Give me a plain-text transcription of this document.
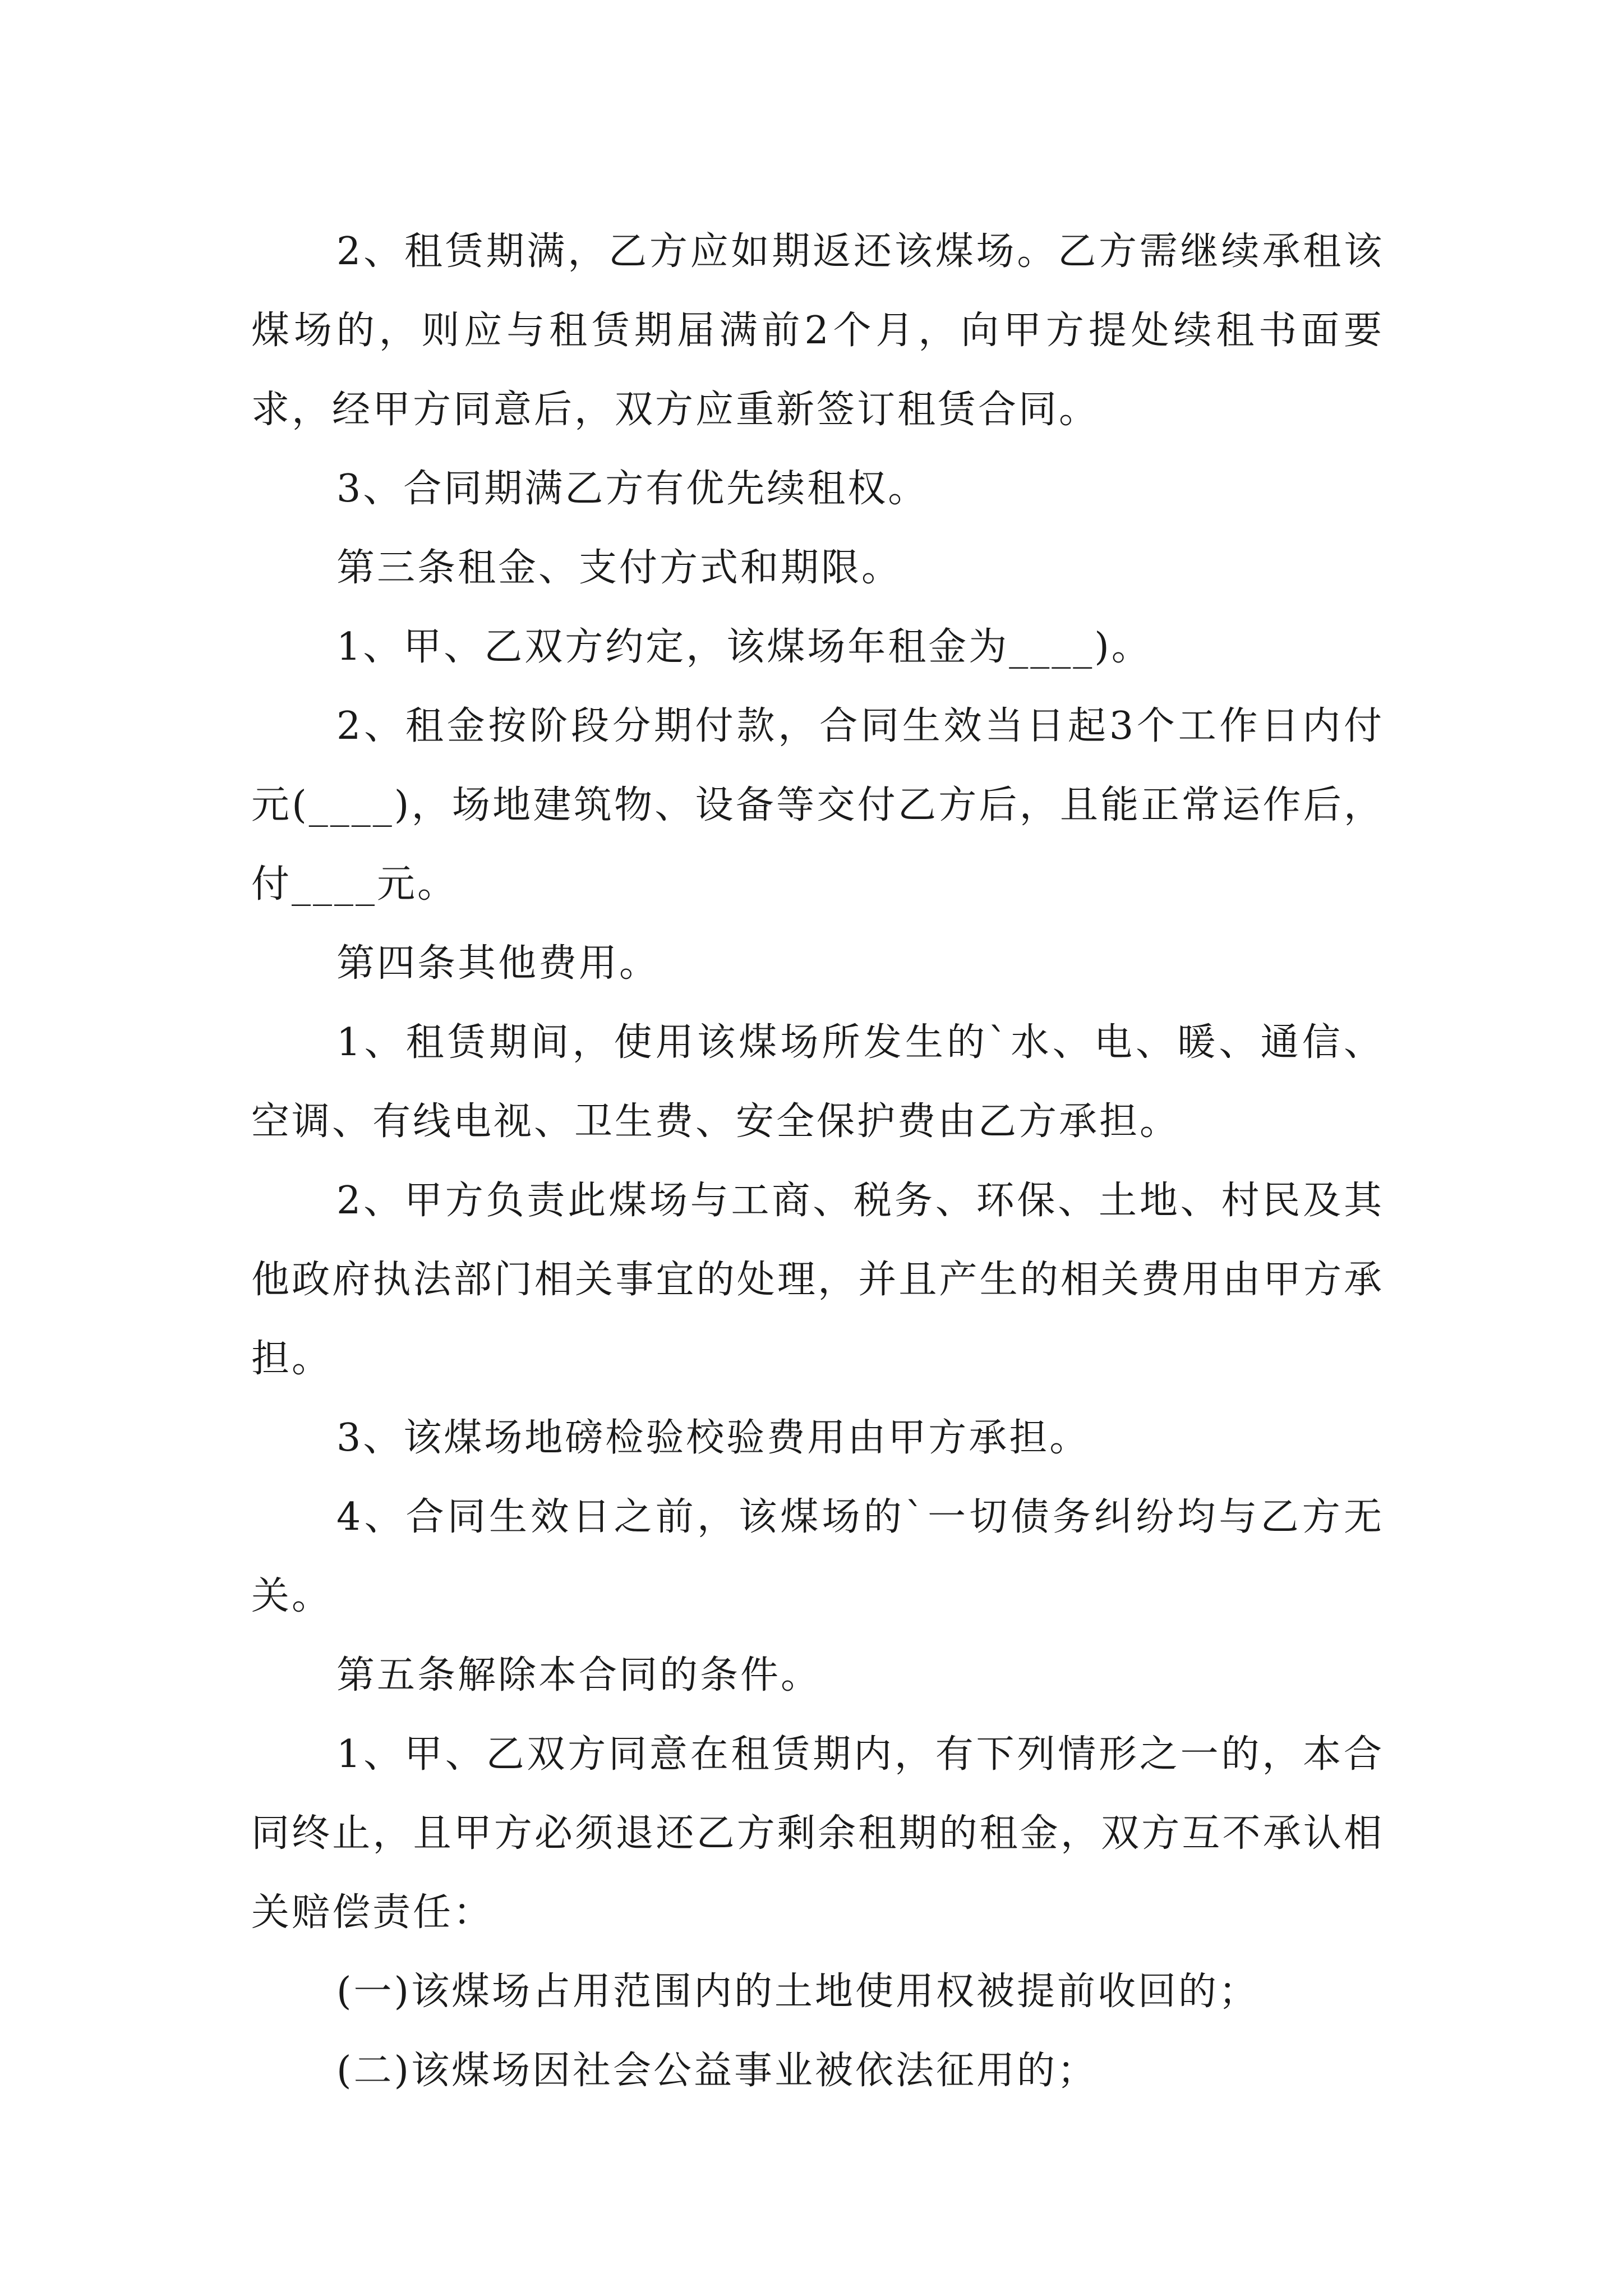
2、租赁期满，乙方应如期返还该煤场。乙方需继续承租该煤场的，则应与租赁期届满前2个月，向甲方提处续租书面要求，经甲方同意后，双方应重新签订租赁合同。

3、合同期满乙方有优先续租权。

第三条租金、支付方式和期限。

1、甲、乙双方约定，该煤场年租金为____)。

2、租金按阶段分期付款，合同生效当日起3个工作日内付元(____)，场地建筑物、设备等交付乙方后，且能正常运作后，付____元。

第四条其他费用。

1、租赁期间，使用该煤场所发生的`水、电、暖、通信、空调、有线电视、卫生费、安全保护费由乙方承担。

2、甲方负责此煤场与工商、税务、环保、土地、村民及其他政府执法部门相关事宜的处理，并且产生的相关费用由甲方承担。

3、该煤场地磅检验校验费用由甲方承担。

4、合同生效日之前，该煤场的`一切债务纠纷均与乙方无关。

第五条解除本合同的条件。

1、甲、乙双方同意在租赁期内，有下列情形之一的，本合同终止，且甲方必须退还乙方剩余租期的租金，双方互不承认相关赔偿责任：

(一)该煤场占用范围内的土地使用权被提前收回的；

(二)该煤场因社会公益事业被依法征用的；
